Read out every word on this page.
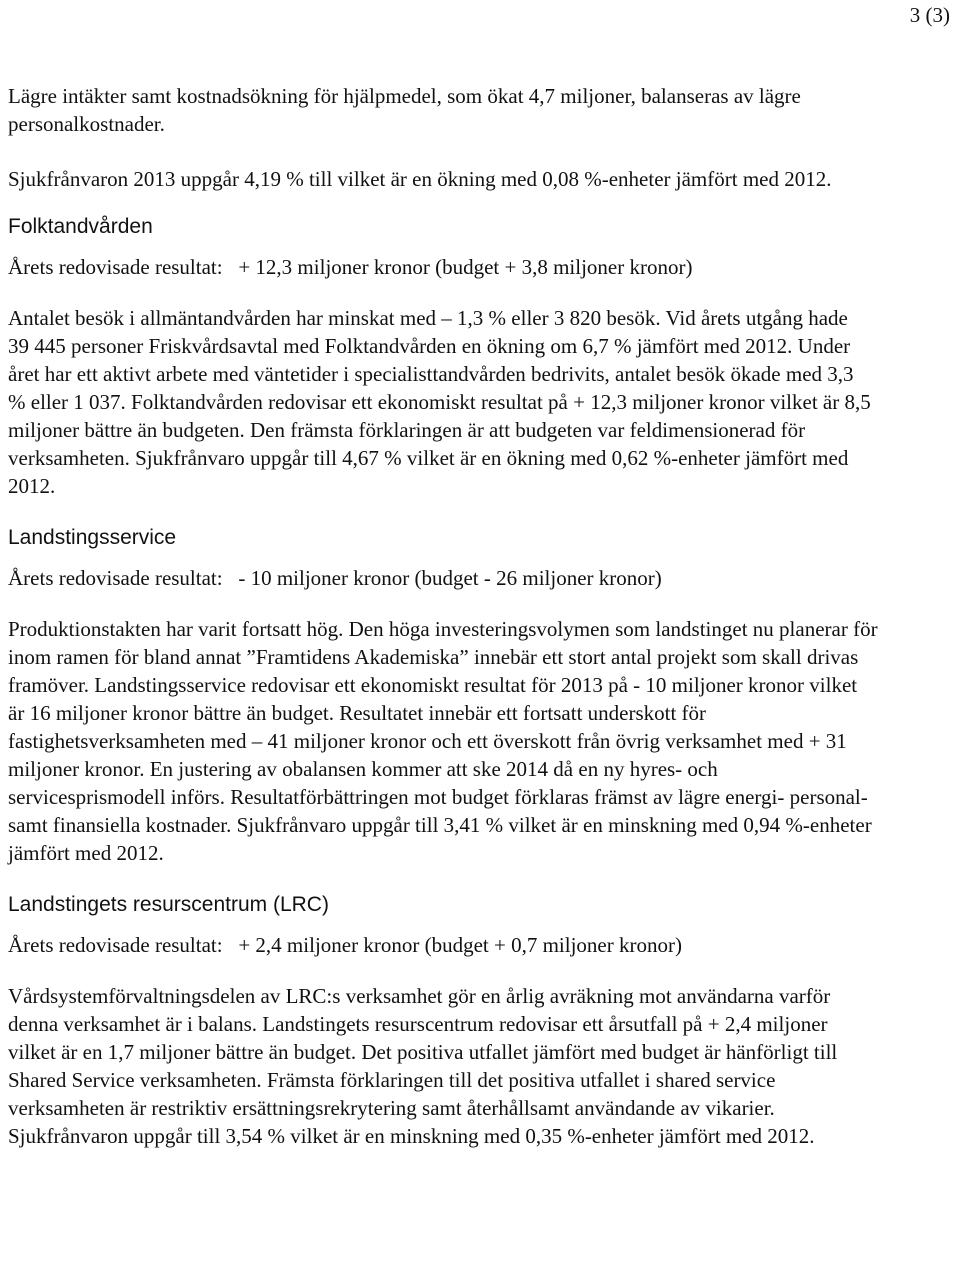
3 (3)

Lägre intäkter samt kostnadsökning för hjälpmedel, som ökat 4,7 miljoner, balanseras av lägre personalkostnader.

Sjukfrånvaron 2013 uppgår 4,19 % till vilket är en ökning med 0,08 %-enheter jämfört med 2012.

Folktandvården

Årets redovisade resultat: + 12,3 miljoner kronor (budget + 3,8 miljoner kronor)

Antalet besök i allmäntandvården har minskat med – 1,3 % eller 3 820 besök. Vid årets utgång hade 39 445 personer Friskvårdsavtal med Folktandvården en ökning om 6,7 % jämfört med 2012. Under året har ett aktivt arbete med väntetider i specialisttandvården bedrivits, antalet besök ökade med 3,3 % eller 1 037. Folktandvården redovisar ett ekonomiskt resultat på + 12,3 miljoner kronor vilket är 8,5 miljoner bättre än budgeten. Den främsta förklaringen är att budgeten var feldimensionerad för verksamheten. Sjukfrånvaro uppgår till 4,67 % vilket är en ökning med 0,62 %-enheter jämfört med 2012.

Landstingsservice

Årets redovisade resultat: - 10 miljoner kronor (budget - 26 miljoner kronor)

Produktionstakten har varit fortsatt hög. Den höga investeringsvolymen som landstinget nu planerar för inom ramen för bland annat ”Framtidens Akademiska” innebär ett stort antal projekt som skall drivas framöver. Landstingsservice redovisar ett ekonomiskt resultat för 2013 på - 10 miljoner kronor vilket är 16 miljoner kronor bättre än budget. Resultatet innebär ett fortsatt underskott för fastighetsverksamheten med – 41 miljoner kronor och ett överskott från övrig verksamhet med + 31 miljoner kronor. En justering av obalansen kommer att ske 2014 då en ny hyres- och servicesprismodell införs. Resultatförbättringen mot budget förklaras främst av lägre energi- personal- samt finansiella kostnader. Sjukfrånvaro uppgår till 3,41 % vilket är en minskning med 0,94 %-enheter jämfört med 2012.

Landstingets resurscentrum (LRC)

Årets redovisade resultat: + 2,4 miljoner kronor (budget + 0,7 miljoner kronor)

Vårdsystemförvaltningsdelen av LRC:s verksamhet gör en årlig avräkning mot användarna varför denna verksamhet är i balans. Landstingets resurscentrum redovisar ett årsutfall på + 2,4 miljoner vilket är en 1,7 miljoner bättre än budget. Det positiva utfallet jämfört med budget är hänförligt till Shared Service verksamheten. Främsta förklaringen till det positiva utfallet i shared service verksamheten är restriktiv ersättningsrekrytering samt återhållsamt användande av vikarier. Sjukfrånvaron uppgår till 3,54 % vilket är en minskning med 0,35 %-enheter jämfört med 2012.
